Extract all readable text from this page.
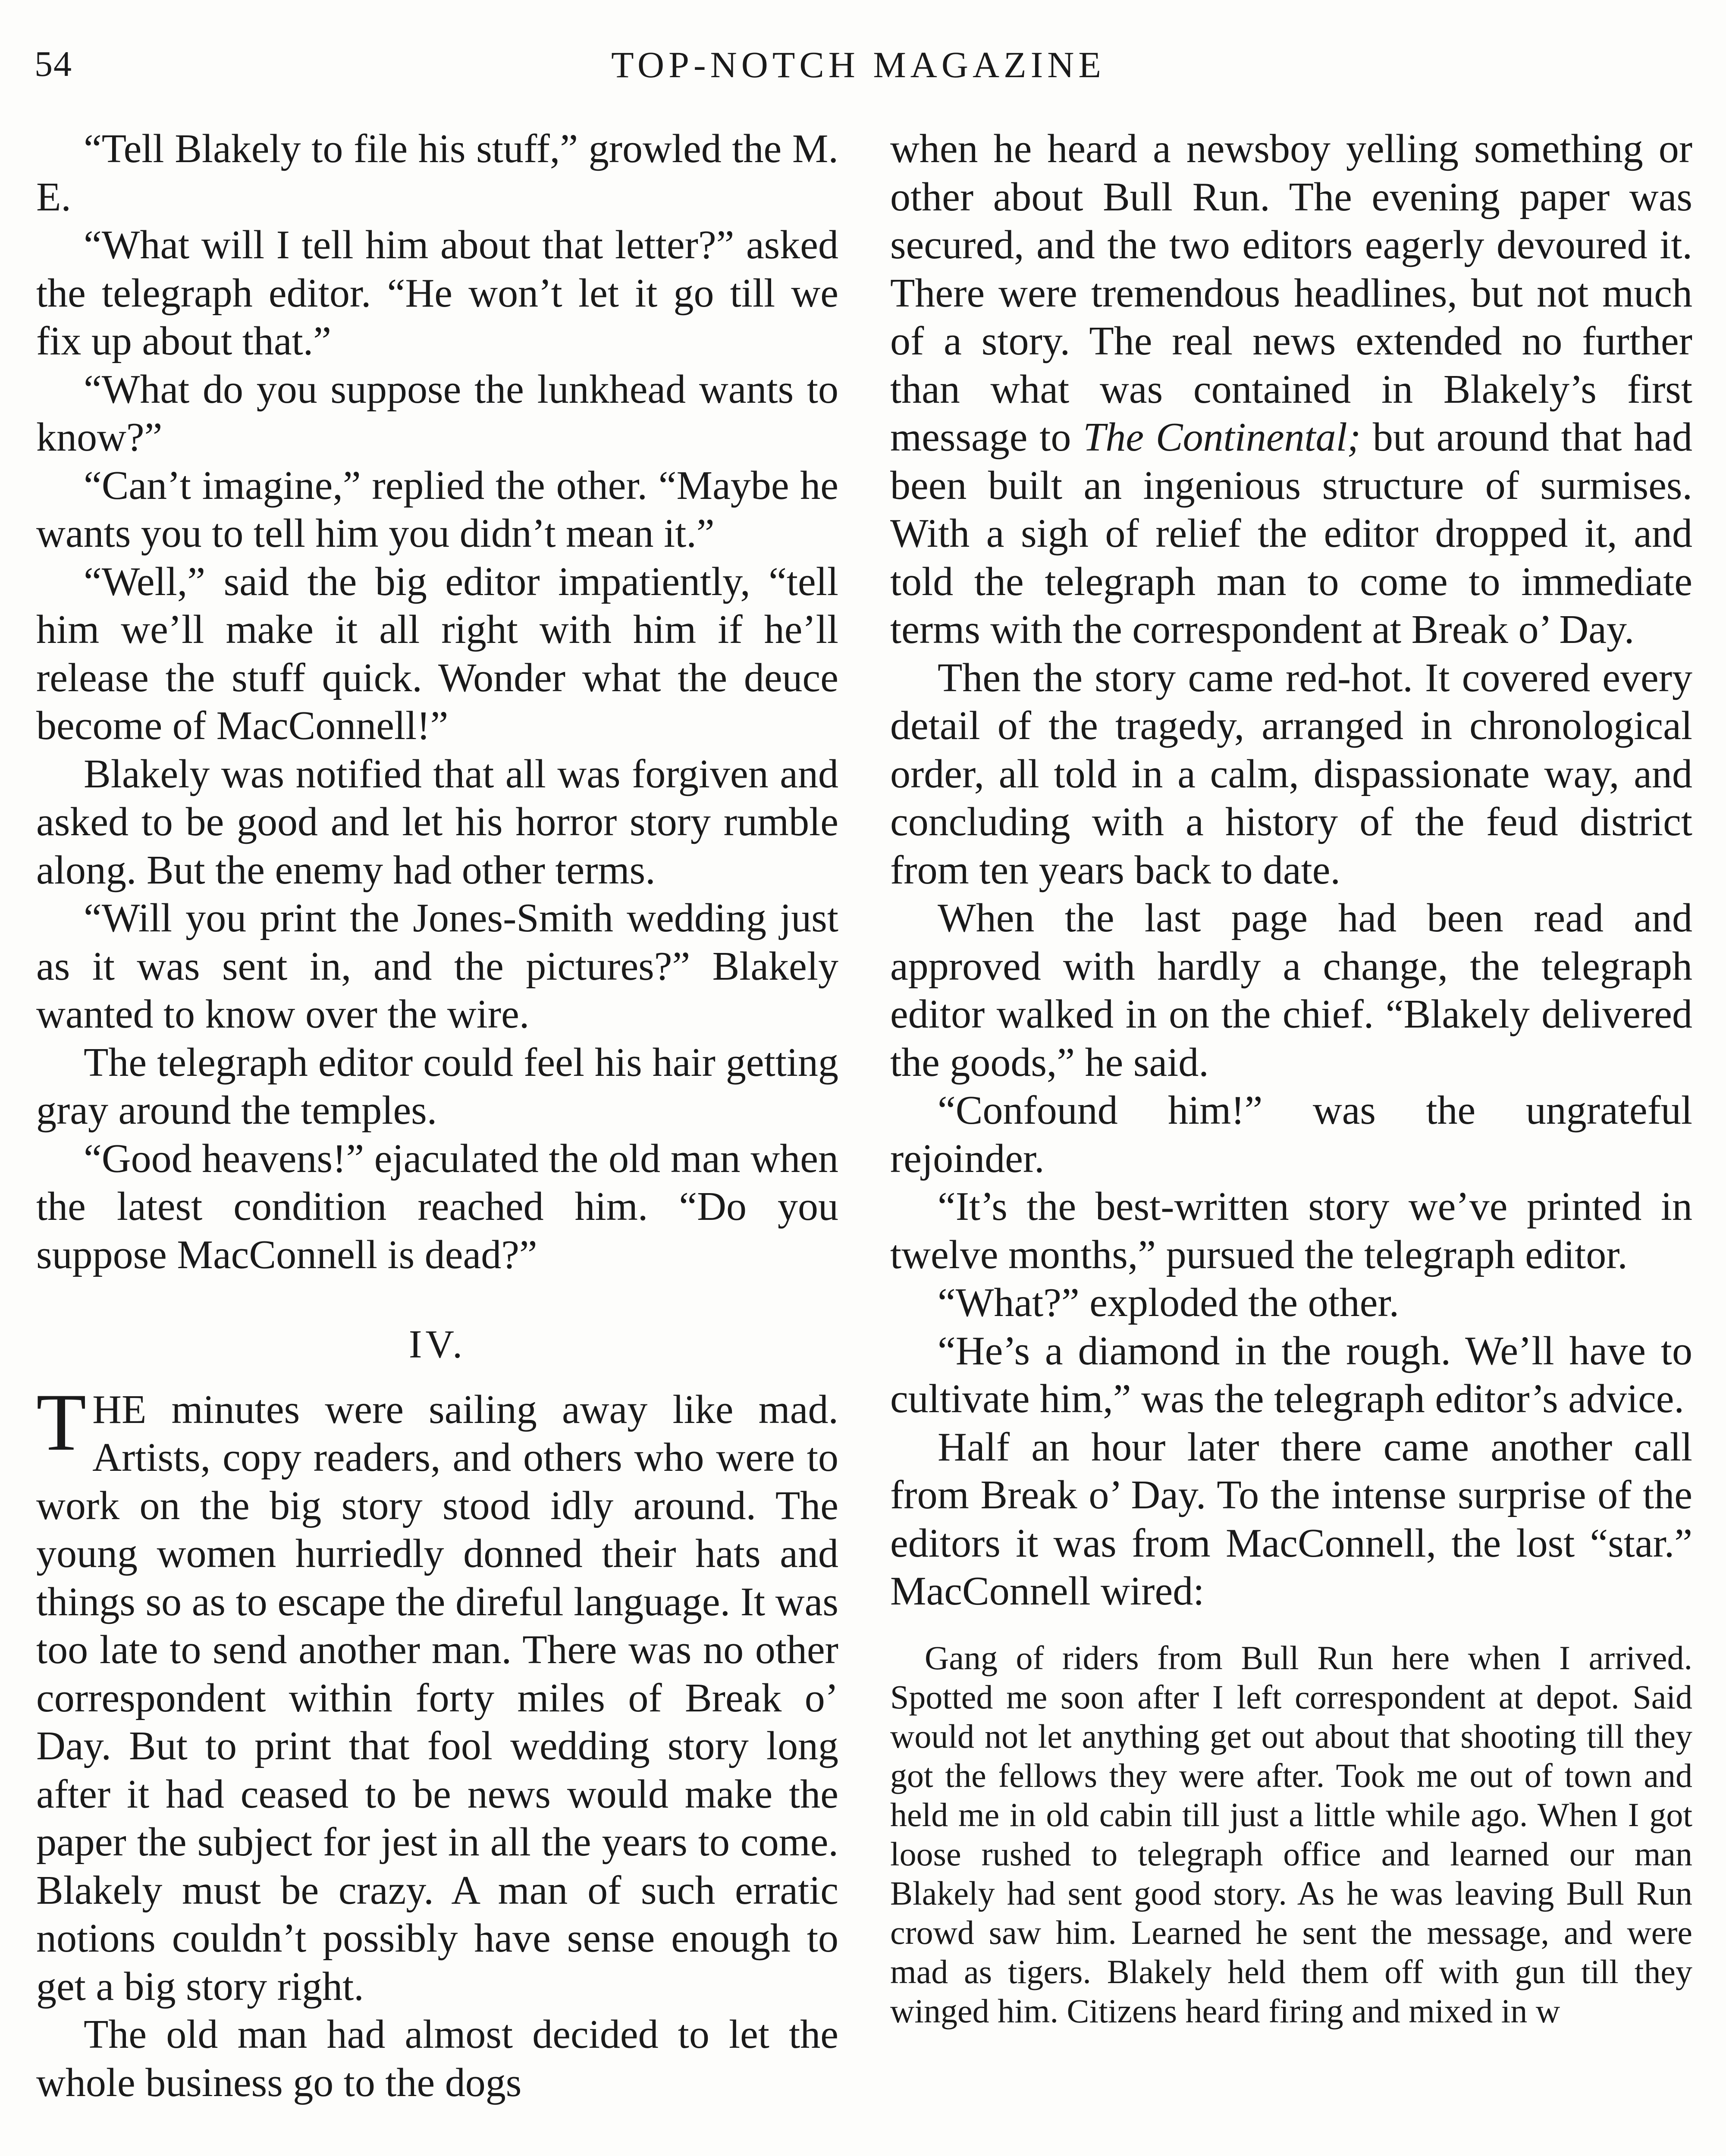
54	TOP-NOTCH MAGAZINE

“Tell Blakely to file his stuff,” growled the M. E.

“What will I tell him about that letter?” asked the telegraph editor. “He won’t let it go till we fix up about that.”

“What do you suppose the lunkhead wants to know?”

“Can’t imagine,” replied the other. “Maybe he wants you to tell him you didn’t mean it.”

“Well,” said the big editor impatiently, “tell him we’ll make it all right with him if he’ll release the stuff quick. Wonder what the deuce become of MacConnell!”

Blakely was notified that all was forgiven and asked to be good and let his horror story rumble along. But the enemy had other terms.

“Will you print the Jones-Smith wedding just as it was sent in, and the pictures?” Blakely wanted to know over the wire.

The telegraph editor could feel his hair getting gray around the temples.

“Good heavens!” ejaculated the old man when the latest condition reached him. “Do you suppose MacConnell is dead?”

IV.

THE minutes were sailing away like mad. Artists, copy readers, and others who were to work on the big story stood idly around. The young women hurriedly donned their hats and things so as to escape the direful language. It was too late to send another man. There was no other correspondent within forty miles of Break o’ Day. But to print that fool wedding story long after it had ceased to be news would make the paper the subject for jest in all the years to come. Blakely must be crazy. A man of such erratic notions couldn’t possibly have sense enough to get a big story right.

The old man had almost decided to let the whole business go to the dogs

when he heard a newsboy yelling something or other about Bull Run. The evening paper was secured, and the two editors eagerly devoured it. There were tremendous headlines, but not much of a story. The real news extended no further than what was contained in Blakely’s first message to The Continental; but around that had been built an ingenious structure of surmises. With a sigh of relief the editor dropped it, and told the telegraph man to come to immediate terms with the correspondent at Break o’ Day.

Then the story came red-hot. It covered every detail of the tragedy, arranged in chronological order, all told in a calm, dispassionate way, and concluding with a history of the feud district from ten years back to date.

When the last page had been read and approved with hardly a change, the telegraph editor walked in on the chief. “Blakely delivered the goods,” he said.

“Confound him!” was the ungrateful rejoinder.

“It’s the best-written story we’ve printed in twelve months,” pursued the telegraph editor.

“What?” exploded the other.

“He’s a diamond in the rough. We’ll have to cultivate him,” was the telegraph editor’s advice.

Half an hour later there came another call from Break o’ Day. To the intense surprise of the editors it was from MacConnell, the lost “star.” MacConnell wired:

Gang of riders from Bull Run here when I arrived. Spotted me soon after I left correspondent at depot. Said would not let anything get out about that shooting till they got the fellows they were after. Took me out of town and held me in old cabin till just a little while ago. When I got loose rushed to telegraph office and learned our man Blakely had sent good story. As he was leaving Bull Run crowd saw him. Learned he sent the message, and were mad as tigers. Blakely held them off with gun till they winged him. Citizens heard firing and mixed in w
